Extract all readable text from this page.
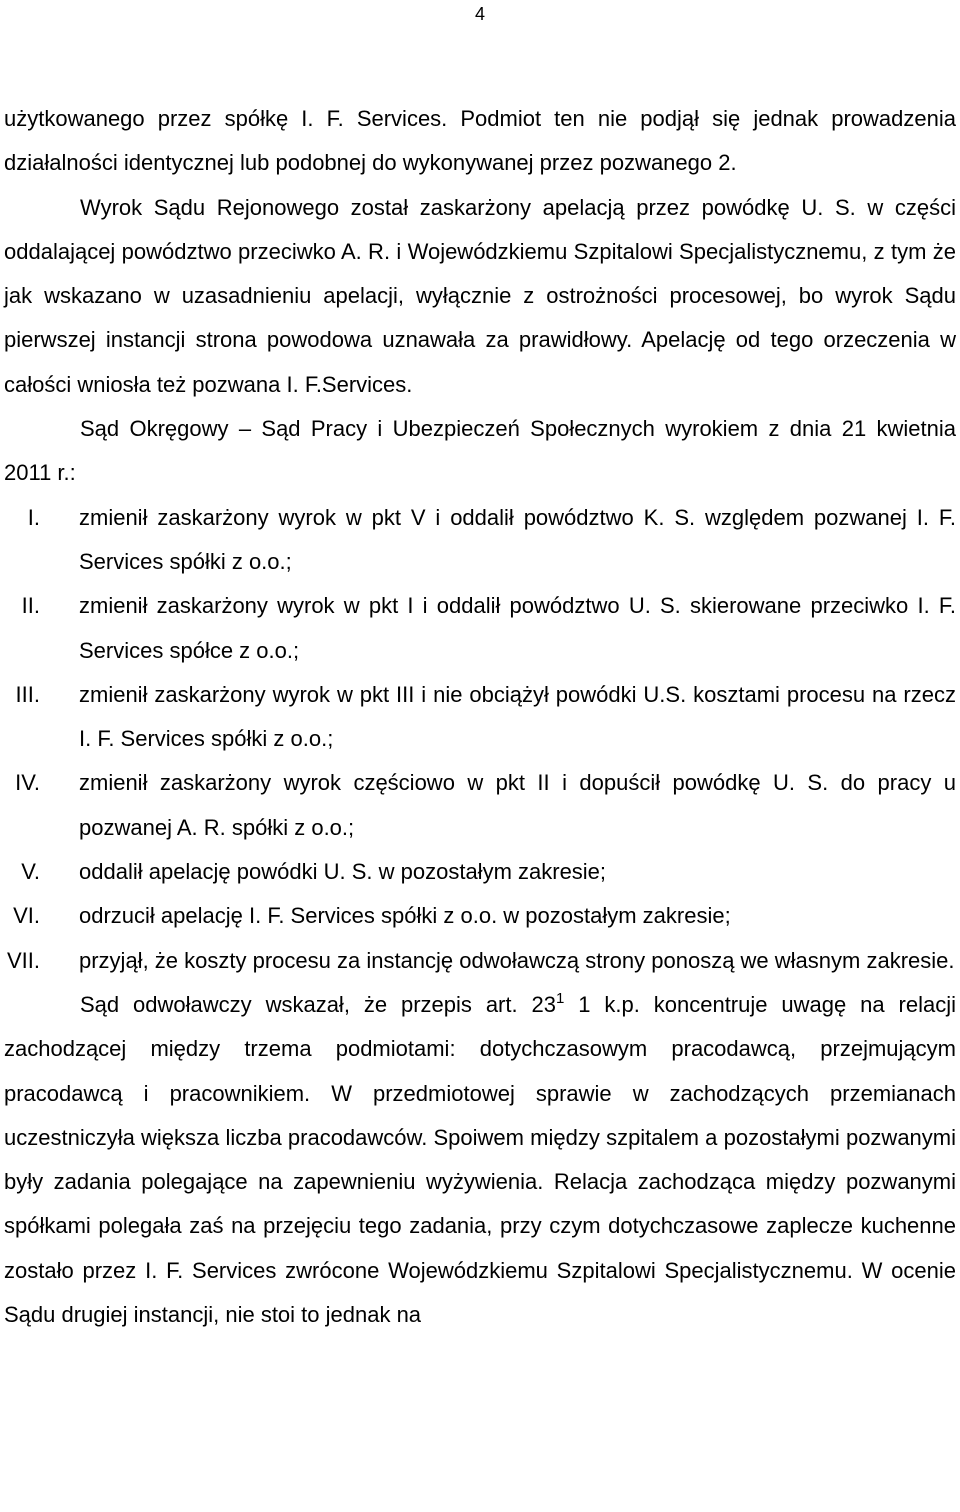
4

użytkowanego przez spółkę I. F. Services. Podmiot ten nie podjął się jednak prowadzenia działalności identycznej lub podobnej do wykonywanej przez pozwanego 2.

Wyrok Sądu Rejonowego został zaskarżony apelacją przez powódkę U. S. w części oddalającej powództwo przeciwko A. R. i Wojewódzkiemu Szpitalowi Specjalistycznemu, z tym że jak wskazano w uzasadnieniu apelacji, wyłącznie z ostrożności procesowej, bo wyrok Sądu pierwszej instancji strona powodowa uznawała za prawidłowy. Apelację od tego orzeczenia w całości wniosła też pozwana I. F.Services.

Sąd Okręgowy ‒ Sąd Pracy i Ubezpieczeń Społecznych wyrokiem z dnia 21 kwietnia 2011 r.:

I. zmienił zaskarżony wyrok w pkt V i oddalił powództwo K. S. względem pozwanej I. F. Services spółki z o.o.;
II. zmienił zaskarżony wyrok w pkt I i oddalił powództwo U. S. skierowane przeciwko I. F. Services spółce z o.o.;
III. zmienił zaskarżony wyrok w pkt III i nie obciążył powódki U.S. kosztami procesu na rzecz I. F. Services spółki z o.o.;
IV. zmienił zaskarżony wyrok częściowo w pkt II i dopuścił powódkę U. S. do pracy u pozwanej A. R. spółki z o.o.;
V. oddalił apelację powódki U. S. w pozostałym zakresie;
VI. odrzucił apelację I. F. Services spółki z o.o. w pozostałym zakresie;
VII. przyjął, że koszty procesu za instancję odwoławczą strony ponoszą we własnym zakresie.

Sąd odwoławczy wskazał, że przepis art. $23^1$ 1 k.p. koncentruje uwagę na relacji zachodzącej między trzema podmiotami: dotychczasowym pracodawcą, przejmującym pracodawcą i pracownikiem. W przedmiotowej sprawie w zachodzących przemianach uczestniczyła większa liczba pracodawców. Spoiwem między szpitalem a pozostałymi pozwanymi były zadania polegające na zapewnieniu wyżywienia. Relacja zachodząca między pozwanymi spółkami polegała zaś na przejęciu tego zadania, przy czym dotychczasowe zaplecze kuchenne zostało przez I. F. Services zwrócone Wojewódzkiemu Szpitalowi Specjalistycznemu. W ocenie Sądu drugiej instancji, nie stoi to jednak na
